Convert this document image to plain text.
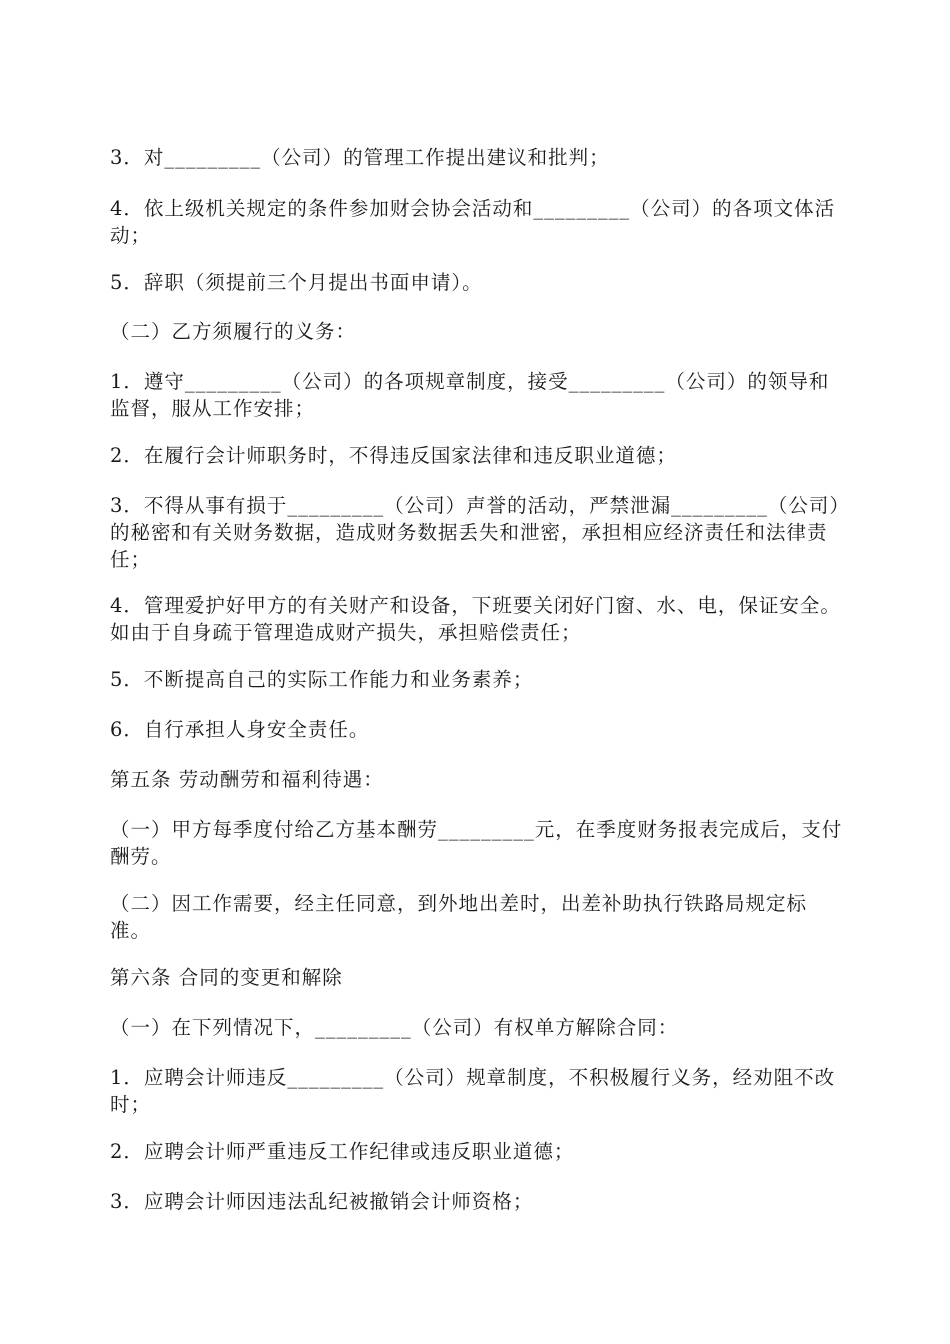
3．对_________（公司）的管理工作提出建议和批判；

4．依上级机关规定的条件参加财会协会活动和_________（公司）的各项文体活动；

5．辞职（须提前三个月提出书面申请）。

（二）乙方须履行的义务：

1．遵守_________（公司）的各项规章制度，接受_________（公司）的领导和监督，服从工作安排；

2．在履行会计师职务时，不得违反国家法律和违反职业道德；

3．不得从事有损于_________（公司）声誉的活动，严禁泄漏_________（公司）的秘密和有关财务数据，造成财务数据丢失和泄密，承担相应经济责任和法律责任；

4．管理爱护好甲方的有关财产和设备，下班要关闭好门窗、水、电，保证安全。如由于自身疏于管理造成财产损失，承担赔偿责任；

5．不断提高自己的实际工作能力和业务素养；

6．自行承担人身安全责任。

第五条 劳动酬劳和福利待遇：

（一）甲方每季度付给乙方基本酬劳_________元，在季度财务报表完成后，支付酬劳。

（二）因工作需要，经主任同意，到外地出差时，出差补助执行铁路局规定标准。

第六条 合同的变更和解除

（一）在下列情况下，_________（公司）有权单方解除合同：

1．应聘会计师违反_________（公司）规章制度，不积极履行义务，经劝阻不改时；

2．应聘会计师严重违反工作纪律或违反职业道德；

3．应聘会计师因违法乱纪被撤销会计师资格；
